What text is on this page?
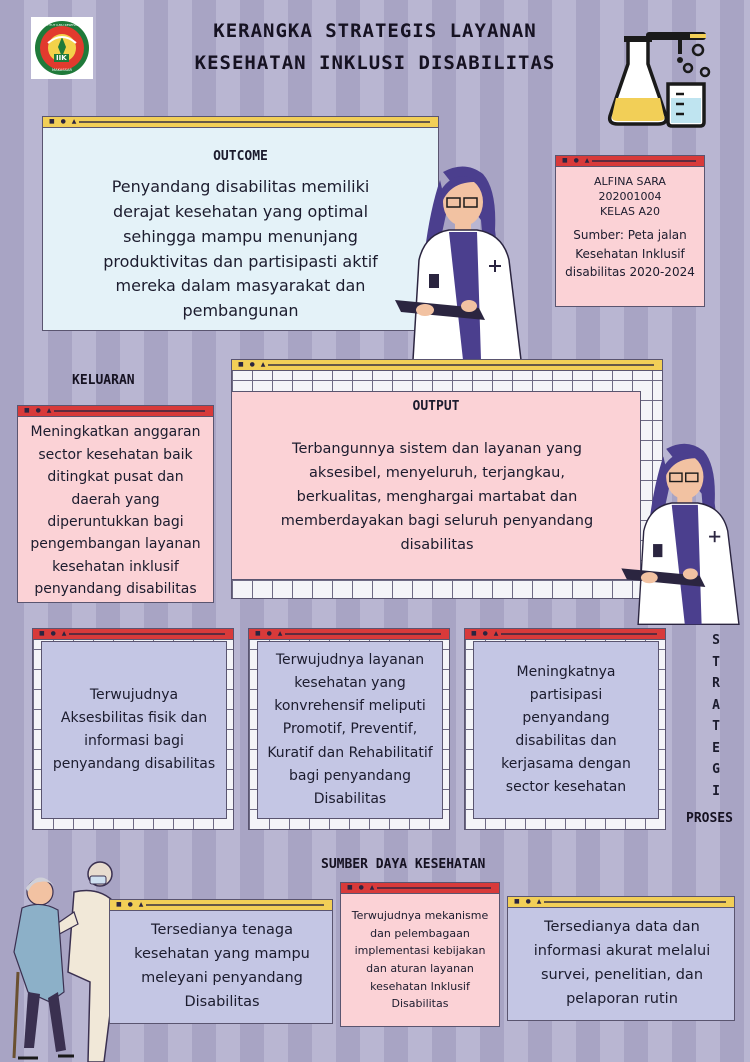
INSTITUT ILMU KESEHATAN
IIK
MAKASSAR
KERANGKA STRATEGIS LAYANAN
KESEHATAN INKLUSI DISABILITAS
■ ● ▲
OUTCOME
Penyandang disabilitas memiliki derajat kesehatan yang optimal sehingga mampu menunjang produktivitas dan partisipasti aktif mereka dalam masyarakat dan pembangunan
■ ● ▲
ALFINA SARA
202001004
KELAS A20
Sumber: Peta jalan Kesehatan Inklusif disabilitas 2020-2024
KELUARAN
■ ● ▲
Meningkatkan anggaran sector kesehatan baik ditingkat pusat dan daerah yang diperuntukkan bagi pengembangan layanan kesehatan inklusif penyandang disabilitas
■ ● ▲
OUTPUT
Terbangunnya sistem dan layanan yang aksesibel, menyeluruh, terjangkau, berkualitas, menghargai martabat dan memberdayakan bagi seluruh penyandang disabilitas
■ ● ▲
Terwujudnya Aksesbilitas fisik dan informasi bagi penyandang disabilitas
■ ● ▲
Terwujudnya layanan kesehatan yang konvrehensif meliputi Promotif, Preventif, Kuratif dan Rehabilitatif bagi penyandang Disabilitas
■ ● ▲
Meningkatnya partisipasi penyandang disabilitas dan kerjasama dengan sector kesehatan
S
T
R
A
T
E
G
I
PROSES
SUMBER DAYA KESEHATAN
■ ● ▲
Tersedianya tenaga kesehatan yang mampu meleyani penyandang Disabilitas
■ ● ▲
Terwujudnya mekanisme dan pelembagaan implementasi kebijakan dan aturan layanan kesehatan Inklusif Disabilitas
■ ● ▲
Tersedianya data dan informasi akurat melalui survei, penelitian, dan pelaporan rutin
